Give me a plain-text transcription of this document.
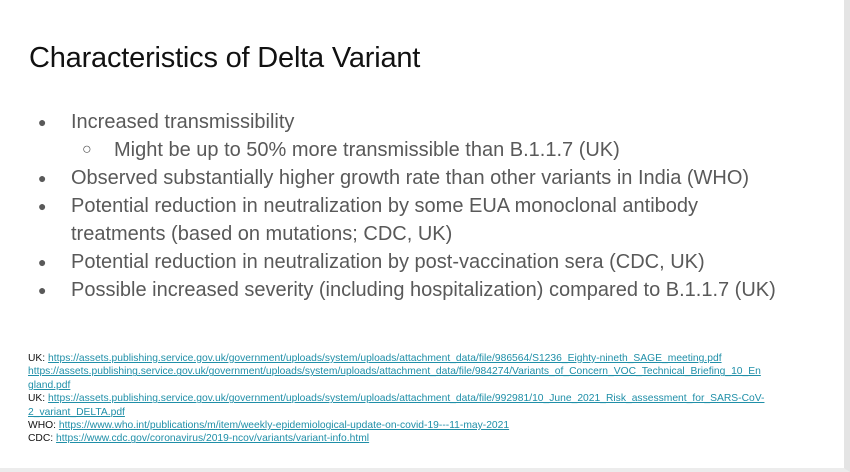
Characteristics of Delta Variant
● Increased transmissibility
○ Might be up to 50% more transmissible than B.1.1.7 (UK)
● Observed substantially higher growth rate than other variants in India (WHO)
● Potential reduction in neutralization by some EUA monoclonal antibody
treatments (based on mutations; CDC, UK)
● Potential reduction in neutralization by post-vaccination sera (CDC, UK)
● Possible increased severity (including hospitalization) compared to B.1.1.7 (UK)
UK: https://assets.publishing.service.gov.uk/government/uploads/system/uploads/attachment_data/file/986564/S1236_Eighty-nineth_SAGE_meeting.pdf
https://assets.publishing.service.gov.uk/government/uploads/system/uploads/attachment_data/file/984274/Variants_of_Concern_VOC_Technical_Briefing_10_En
gland.pdf
UK: https://assets.publishing.service.gov.uk/government/uploads/system/uploads/attachment_data/file/992981/10_June_2021_Risk_assessment_for_SARS-CoV-
2_variant_DELTA.pdf
WHO: https://www.who.int/publications/m/item/weekly-epidemiological-update-on-covid-19---11-may-2021
CDC: https://www.cdc.gov/coronavirus/2019-ncov/variants/variant-info.html
